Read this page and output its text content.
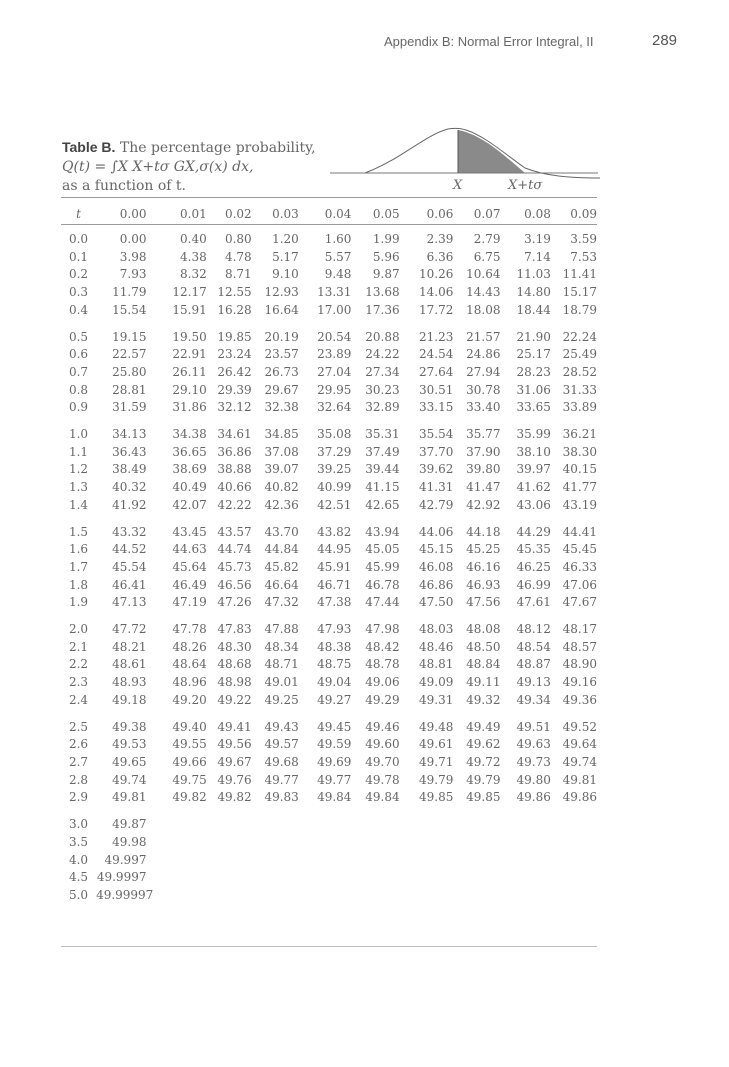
Appendix B: Normal Error Integral, II	289
Table B. The percentage probability,
Q(t) = ∫X X+tσ GX,σ(x) dx,
as a function of t.	X	X+tσ
t	0.00	0.01	0.02	0.03	0.04	0.05	0.06	0.07	0.08	0.09
0.0	0.00	0.40	0.80	1.20	1.60	1.99	2.39	2.79	3.19	3.59
0.1	3.98	4.38	4.78	5.17	5.57	5.96	6.36	6.75	7.14	7.53
0.2	7.93	8.32	8.71	9.10	9.48	9.87	10.26	10.64	11.03	11.41
0.3	11.79	12.17	12.55	12.93	13.31	13.68	14.06	14.43	14.80	15.17
0.4	15.54	15.91	16.28	16.64	17.00	17.36	17.72	18.08	18.44	18.79
0.5	19.15	19.50	19.85	20.19	20.54	20.88	21.23	21.57	21.90	22.24
0.6	22.57	22.91	23.24	23.57	23.89	24.22	24.54	24.86	25.17	25.49
0.7	25.80	26.11	26.42	26.73	27.04	27.34	27.64	27.94	28.23	28.52
0.8	28.81	29.10	29.39	29.67	29.95	30.23	30.51	30.78	31.06	31.33
0.9	31.59	31.86	32.12	32.38	32.64	32.89	33.15	33.40	33.65	33.89
1.0	34.13	34.38	34.61	34.85	35.08	35.31	35.54	35.77	35.99	36.21
1.1	36.43	36.65	36.86	37.08	37.29	37.49	37.70	37.90	38.10	38.30
1.2	38.49	38.69	38.88	39.07	39.25	39.44	39.62	39.80	39.97	40.15
1.3	40.32	40.49	40.66	40.82	40.99	41.15	41.31	41.47	41.62	41.77
1.4	41.92	42.07	42.22	42.36	42.51	42.65	42.79	42.92	43.06	43.19
1.5	43.32	43.45	43.57	43.70	43.82	43.94	44.06	44.18	44.29	44.41
1.6	44.52	44.63	44.74	44.84	44.95	45.05	45.15	45.25	45.35	45.45
1.7	45.54	45.64	45.73	45.82	45.91	45.99	46.08	46.16	46.25	46.33
1.8	46.41	46.49	46.56	46.64	46.71	46.78	46.86	46.93	46.99	47.06
1.9	47.13	47.19	47.26	47.32	47.38	47.44	47.50	47.56	47.61	47.67
2.0	47.72	47.78	47.83	47.88	47.93	47.98	48.03	48.08	48.12	48.17
2.1	48.21	48.26	48.30	48.34	48.38	48.42	48.46	48.50	48.54	48.57
2.2	48.61	48.64	48.68	48.71	48.75	48.78	48.81	48.84	48.87	48.90
2.3	48.93	48.96	48.98	49.01	49.04	49.06	49.09	49.11	49.13	49.16
2.4	49.18	49.20	49.22	49.25	49.27	49.29	49.31	49.32	49.34	49.36
2.5	49.38	49.40	49.41	49.43	49.45	49.46	49.48	49.49	49.51	49.52
2.6	49.53	49.55	49.56	49.57	49.59	49.60	49.61	49.62	49.63	49.64
2.7	49.65	49.66	49.67	49.68	49.69	49.70	49.71	49.72	49.73	49.74
2.8	49.74	49.75	49.76	49.77	49.77	49.78	49.79	49.79	49.80	49.81
2.9	49.81	49.82	49.82	49.83	49.84	49.84	49.85	49.85	49.86	49.86
3.0	49.87									
3.5	49.98									
4.0	49.997									
4.5	49.9997									
5.0	49.99997									
